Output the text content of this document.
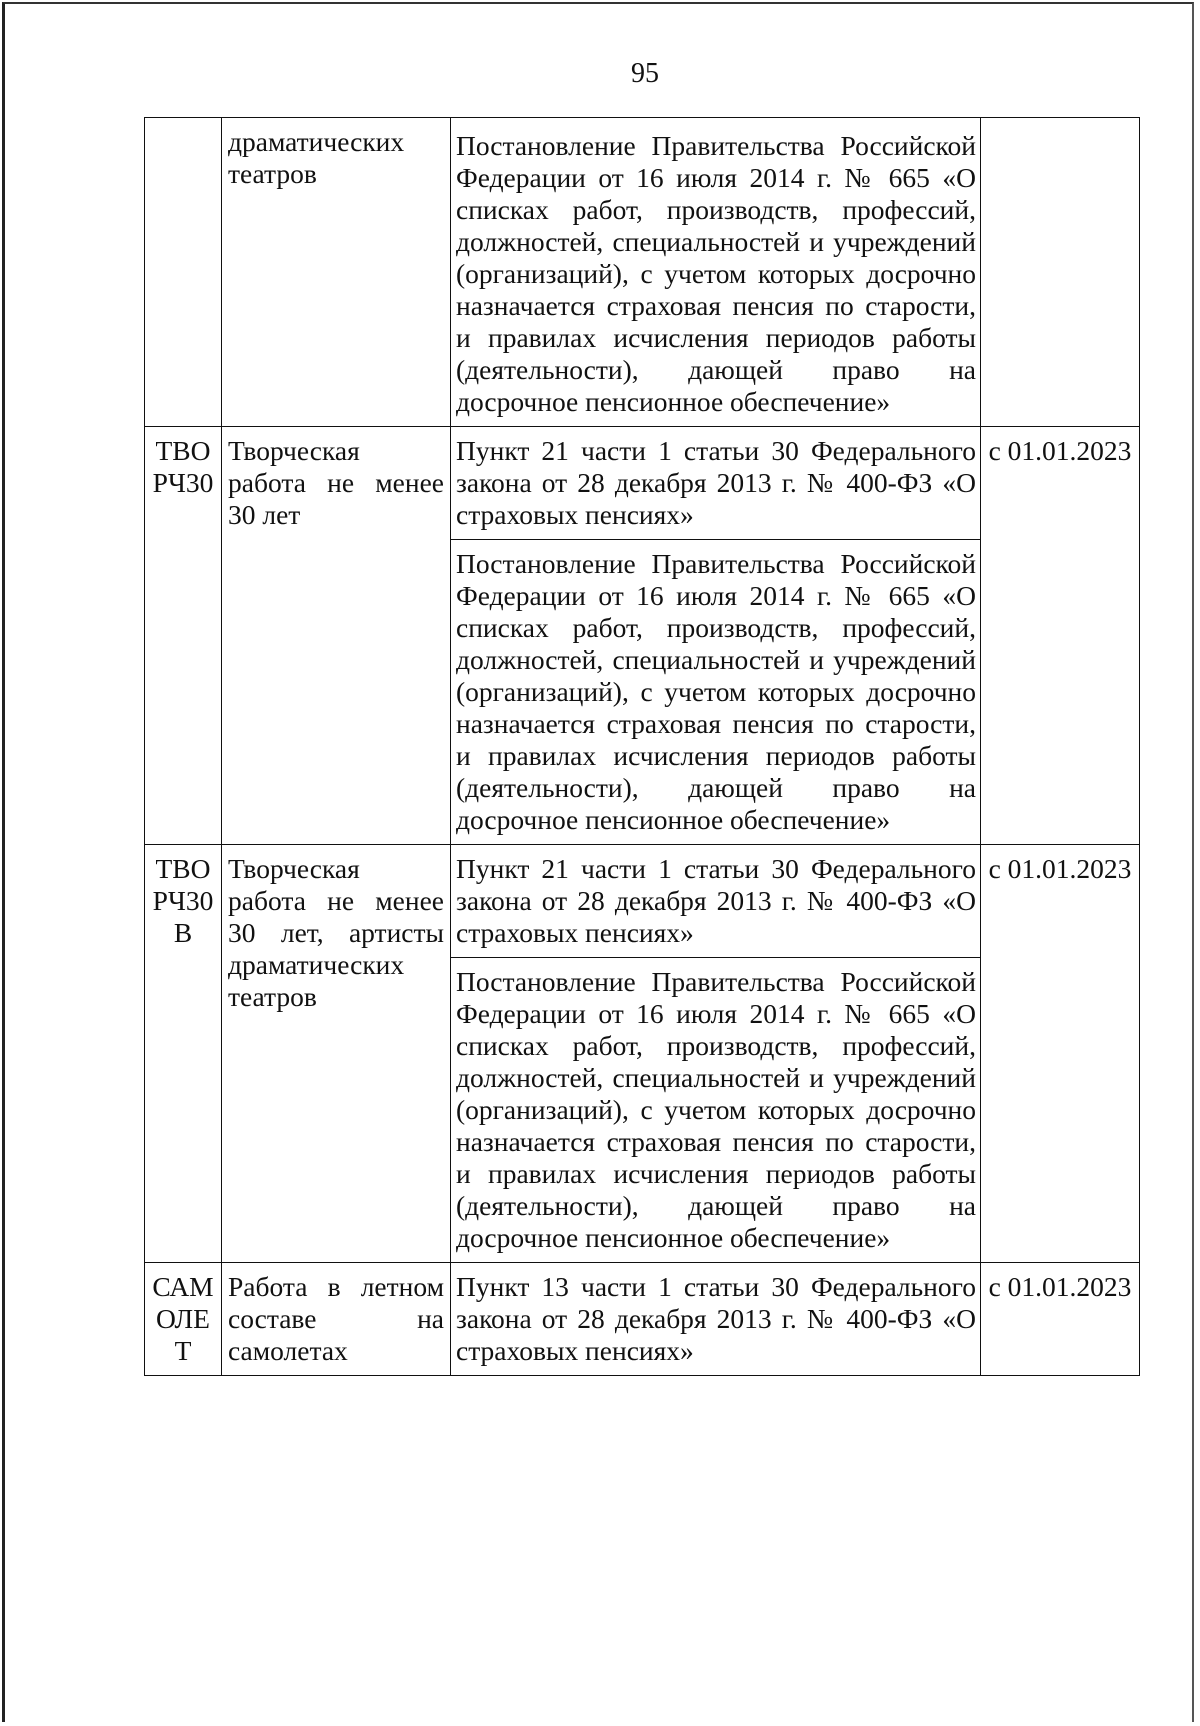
95
	драматических театров	Постановление Правительства Российской Федерации от 16 июля 2014 г. № 665 «О списках работ, производств, профессий, должностей, специальностей и учреждений (организаций), с учетом которых досрочно назначается страховая пенсия по старости, и правилах исчисления периодов работы (деятельности), дающей право на досрочное пенсионное обеспечение»	
ТВО РЧ30	Творческая работа не менее 30 лет	Пункт 21 части 1 статьи 30 Федерального закона от 28 декабря 2013 г. № 400-ФЗ «О страховых пенсиях»	с 01.01.2023
		Постановление Правительства Российской Федерации от 16 июля 2014 г. № 665 «О списках работ, производств, профессий, должностей, специальностей и учреждений (организаций), с учетом которых досрочно назначается страховая пенсия по старости, и правилах исчисления периодов работы (деятельности), дающей право на досрочное пенсионное обеспечение»	
ТВО РЧ30 В	Творческая работа не менее 30 лет, артисты драматических театров	Пункт 21 части 1 статьи 30 Федерального закона от 28 декабря 2013 г. № 400-ФЗ «О страховых пенсиях»	с 01.01.2023
		Постановление Правительства Российской Федерации от 16 июля 2014 г. № 665 «О списках работ, производств, профессий, должностей, специальностей и учреждений (организаций), с учетом которых досрочно назначается страховая пенсия по старости, и правилах исчисления периодов работы (деятельности), дающей право на досрочное пенсионное обеспечение»	
САМ ОЛЕ Т	Работа в летном составе на самолетах	Пункт 13 части 1 статьи 30 Федерального закона от 28 декабря 2013 г. № 400-ФЗ «О страховых пенсиях»	с 01.01.2023
